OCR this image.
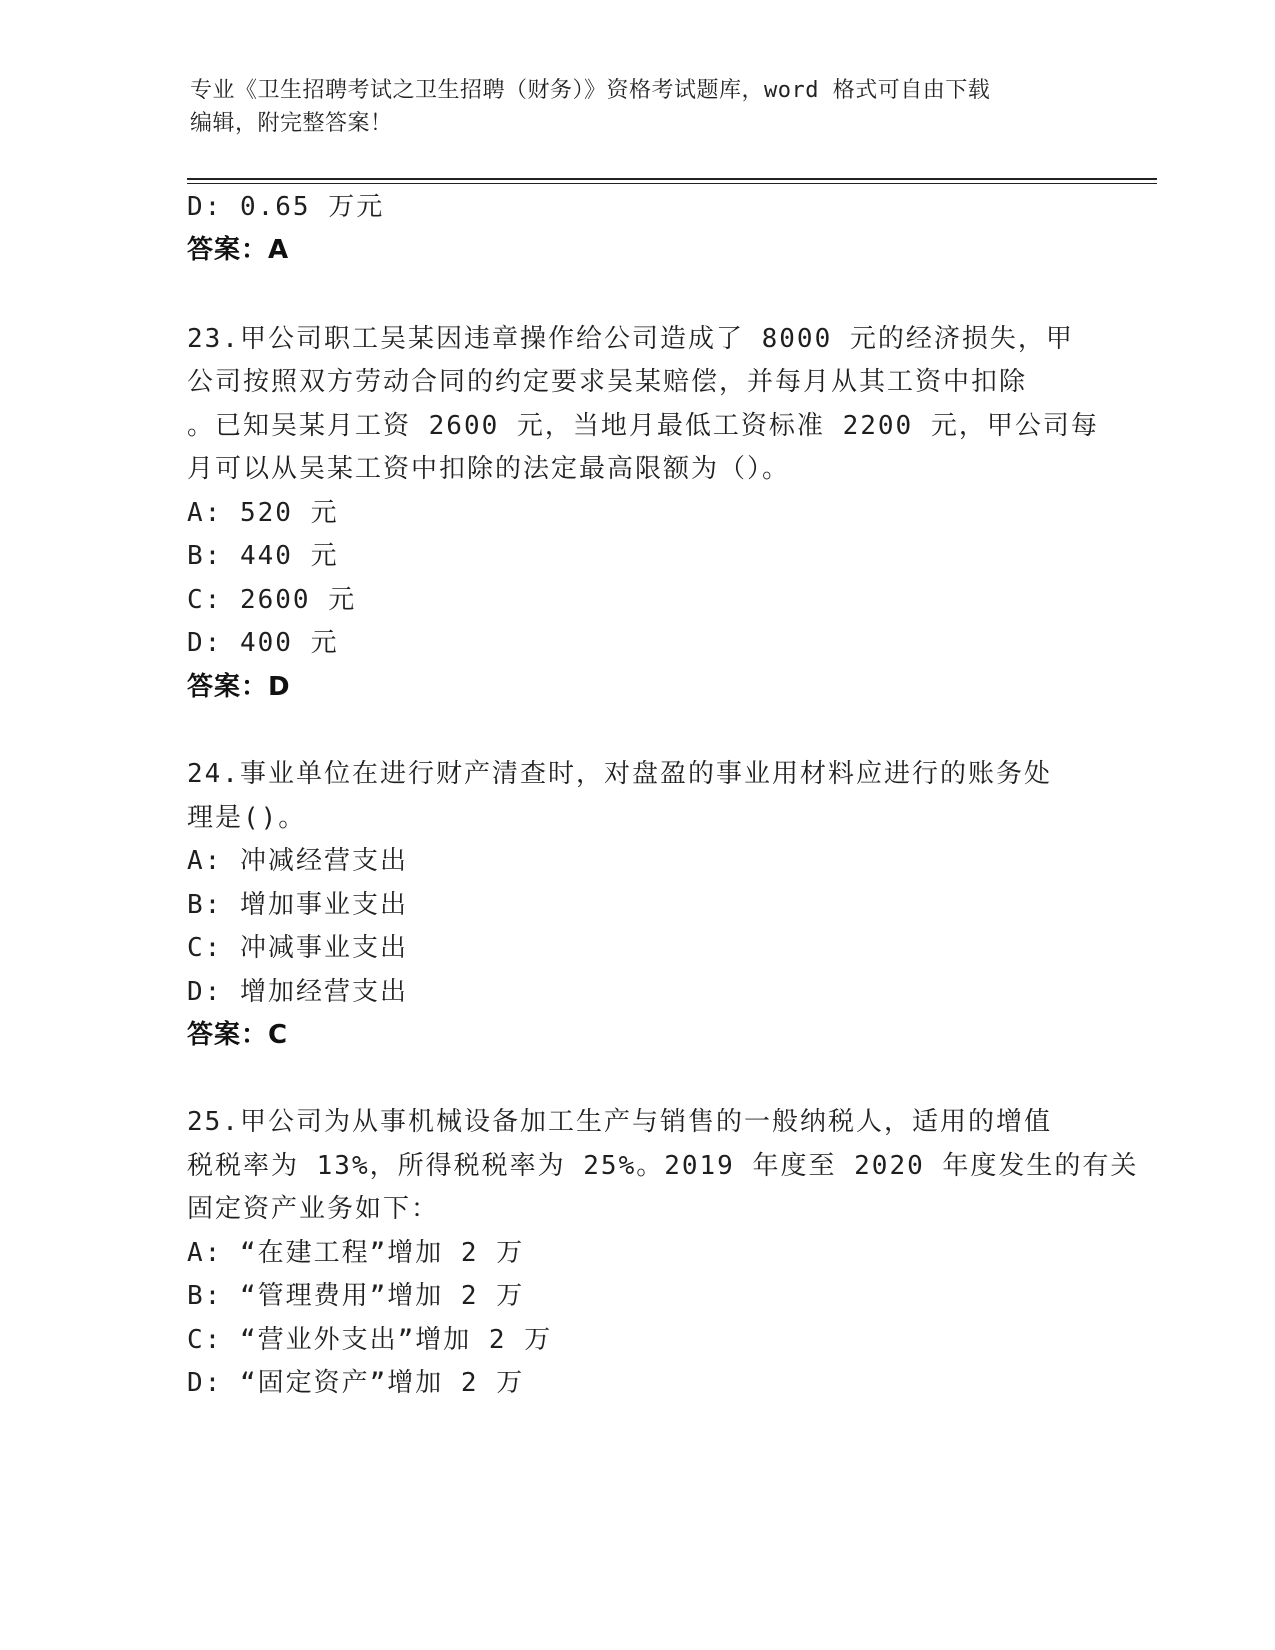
专业《卫生招聘考试之卫生招聘（财务）》资格考试题库，word 格式可自由下载
编辑，附完整答案！
D: 0.65 万元
答案：A
23.甲公司职工吴某因违章操作给公司造成了 8000 元的经济损失，甲
公司按照双方劳动合同的约定要求吴某赔偿，并每月从其工资中扣除
。已知吴某月工资 2600 元，当地月最低工资标准 2200 元，甲公司每
月可以从吴某工资中扣除的法定最高限额为（）。
A: 520 元
B: 440 元
C: 2600 元
D: 400 元
答案：D
24.事业单位在进行财产清查时，对盘盈的事业用材料应进行的账务处
理是()。
A: 冲减经营支出
B: 增加事业支出
C: 冲减事业支出
D: 增加经营支出
答案：C
25.甲公司为从事机械设备加工生产与销售的一般纳税人，适用的增值
税税率为 13%，所得税税率为 25%。2019 年度至 2020 年度发生的有关
固定资产业务如下：
A: “在建工程”增加 2 万
B: “管理费用”增加 2 万
C: “营业外支出”增加 2 万
D: “固定资产”增加 2 万
